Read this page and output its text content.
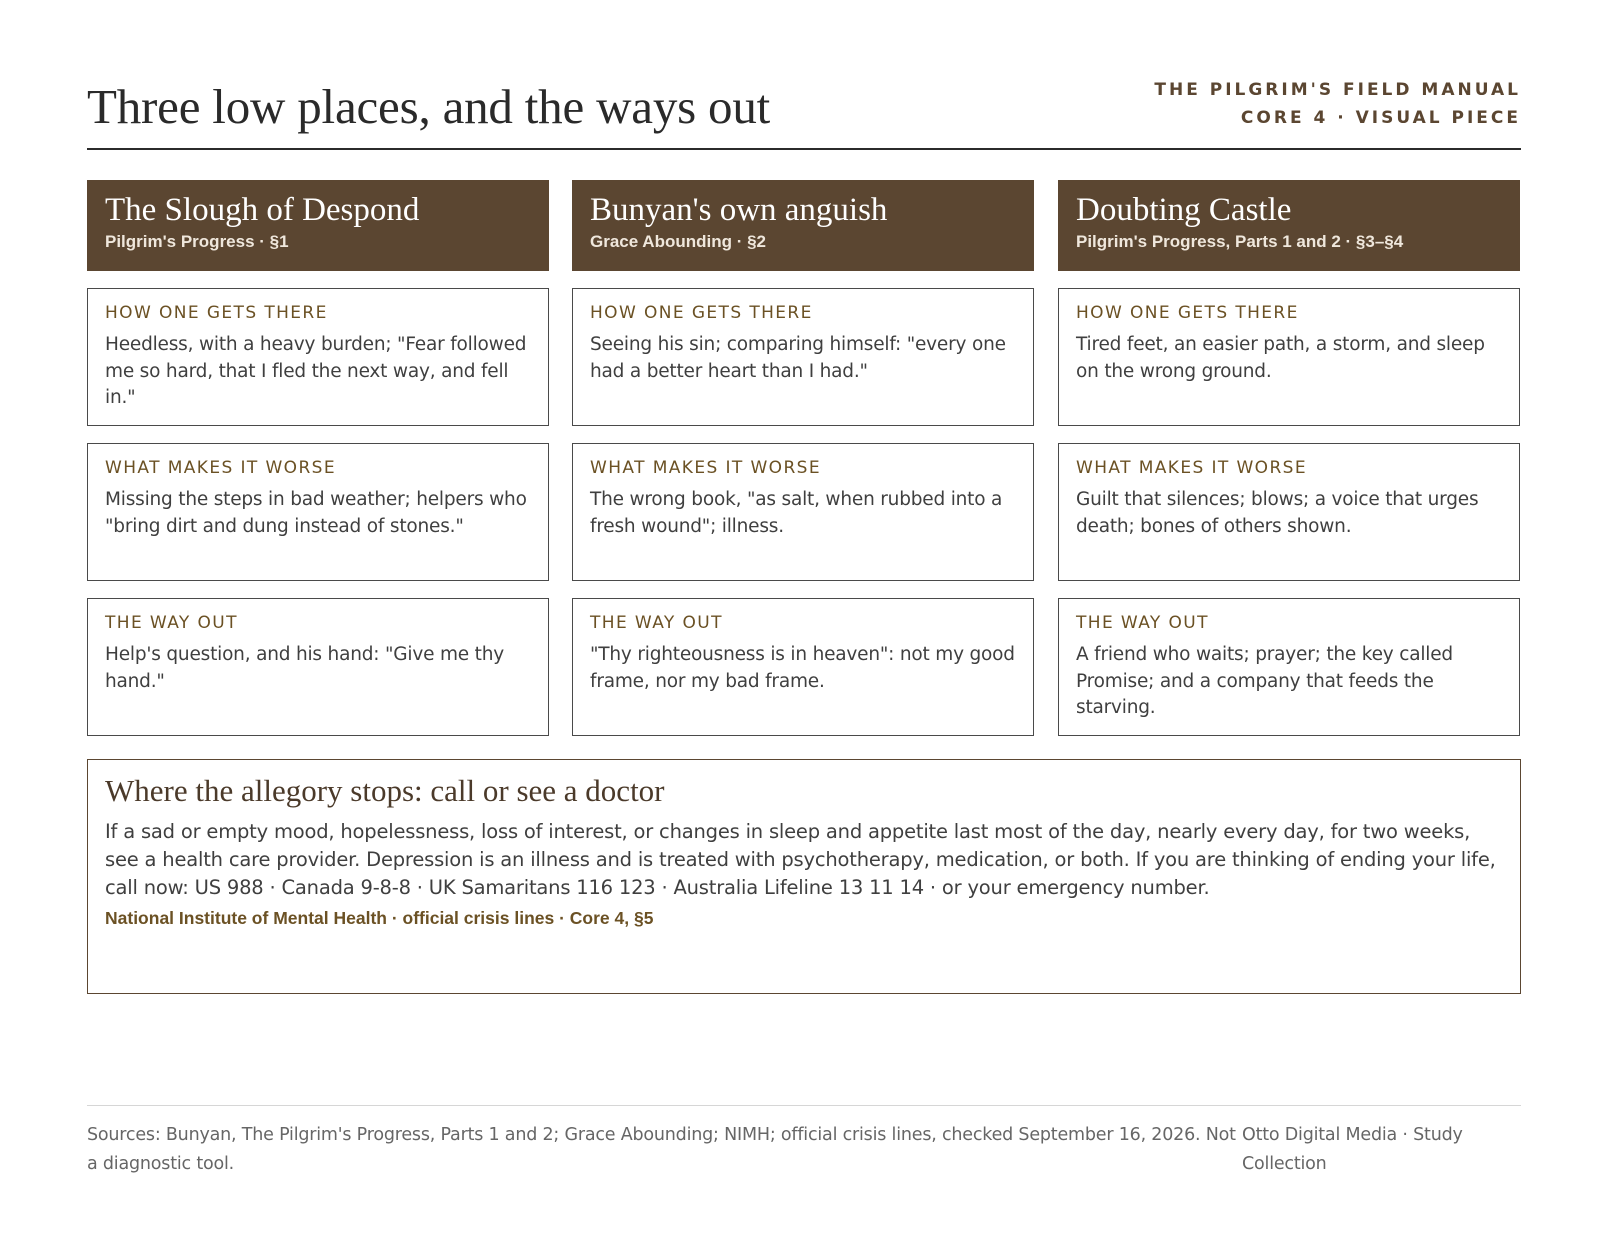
Three low places, and the ways out	THE PILGRIM'S FIELD MANUAL
CORE 4 · VISUAL PIECE
The Slough of Despond
Pilgrim's Progress · §1
HOW ONE GETS THERE
Heedless, with a heavy burden; "Fear followed me so hard, that I fled the next way, and fell in."
WHAT MAKES IT WORSE
Missing the steps in bad weather; helpers who "bring dirt and dung instead of stones."
THE WAY OUT
Help's question, and his hand: "Give me thy hand."
Bunyan's own anguish
Grace Abounding · §2
HOW ONE GETS THERE
Seeing his sin; comparing himself: "every one had a better heart than I had."
WHAT MAKES IT WORSE
The wrong book, "as salt, when rubbed into a fresh wound"; illness.
THE WAY OUT
"Thy righteousness is in heaven": not my good frame, nor my bad frame.
Doubting Castle
Pilgrim's Progress, Parts 1 and 2 · §3–§4
HOW ONE GETS THERE
Tired feet, an easier path, a storm, and sleep on the wrong ground.
WHAT MAKES IT WORSE
Guilt that silences; blows; a voice that urges death; bones of others shown.
THE WAY OUT
A friend who waits; prayer; the key called Promise; and a company that feeds the starving.
Where the allegory stops: call or see a doctor
If a sad or empty mood, hopelessness, loss of interest, or changes in sleep and appetite last most of the day, nearly every day, for two weeks, see a health care provider. Depression is an illness and is treated with psychotherapy, medication, or both. If you are thinking of ending your life, call now: US 988 · Canada 9-8-8 · UK Samaritans 116 123 · Australia Lifeline 13 11 14 · or your emergency number.
National Institute of Mental Health · official crisis lines · Core 4, §5
Sources: Bunyan, The Pilgrim's Progress, Parts 1 and 2; Grace Abounding; NIMH; official crisis lines, checked September 16, 2026. Not a diagnostic tool.
Otto Digital Media · Study Collection
